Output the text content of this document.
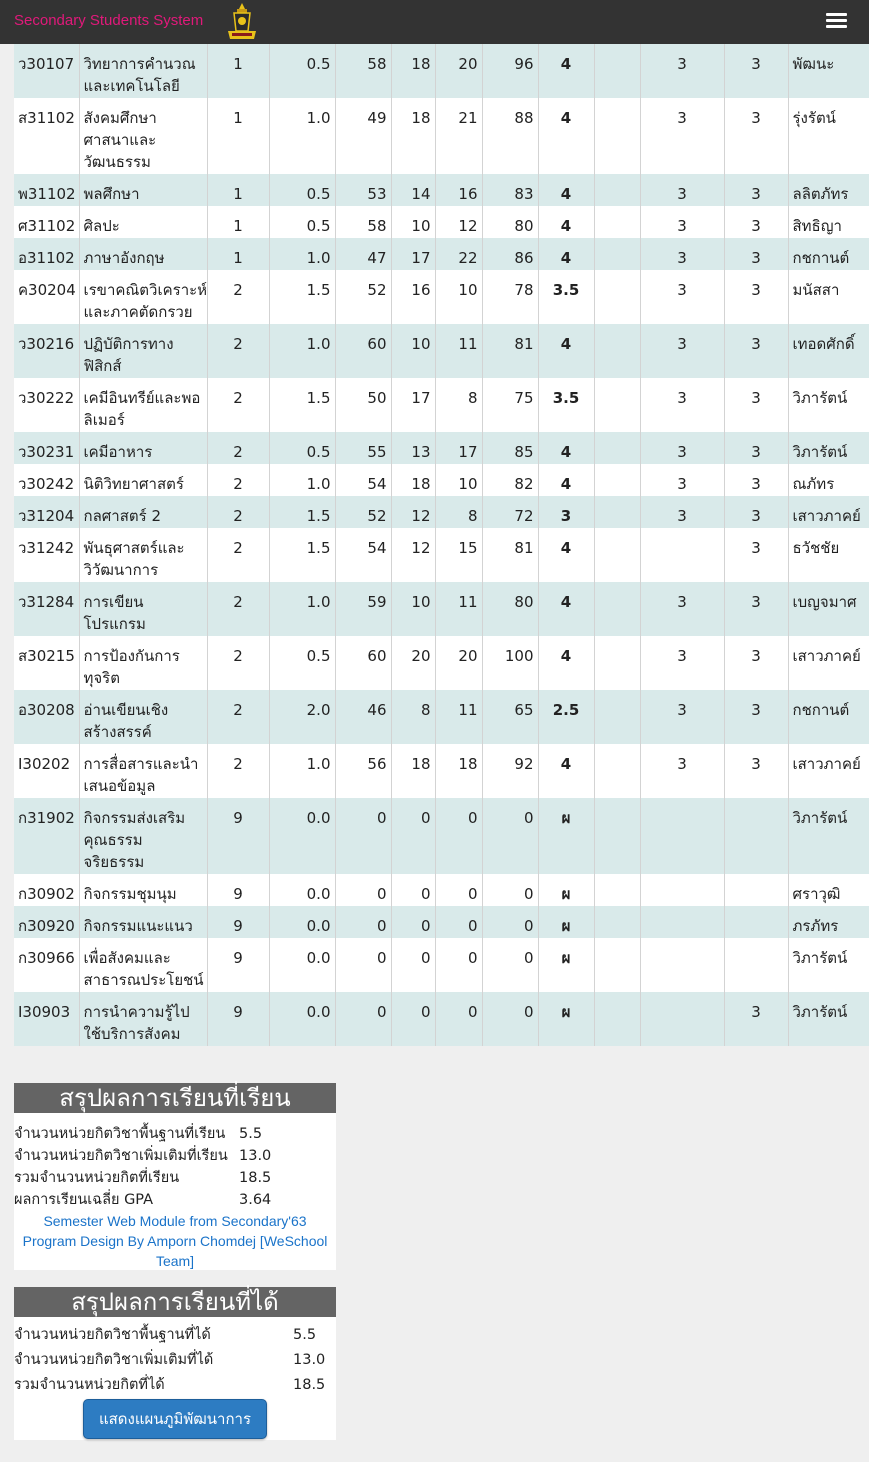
Secondary Students System
ว30107	วิทยาการคำนวณ และเทคโนโลยี	1	0.5	58	18	20	96	4		3	3	พัฒนะ
ส31102	สังคมศึกษา ศาสนาและ วัฒนธรรม	1	1.0	49	18	21	88	4		3	3	รุ่งรัตน์
พ31102	พลศึกษา	1	0.5	53	14	16	83	4		3	3	ลลิตภัทร
ศ31102	ศิลปะ	1	0.5	58	10	12	80	4		3	3	สิทธิญา
อ31102	ภาษาอังกฤษ	1	1.0	47	17	22	86	4		3	3	กชกานต์
ค30204	เรขาคณิตวิเคราะห์ และภาคตัดกรวย	2	1.5	52	16	10	78	3.5		3	3	มนัสสา
ว30216	ปฏิบัติการทาง ฟิสิกส์	2	1.0	60	10	11	81	4		3	3	เทอดศักดิ์
ว30222	เคมีอินทรีย์และพอ ลิเมอร์	2	1.5	50	17	8	75	3.5		3	3	วิภารัตน์
ว30231	เคมีอาหาร	2	0.5	55	13	17	85	4		3	3	วิภารัตน์
ว30242	นิติวิทยาศาสตร์	2	1.0	54	18	10	82	4		3	3	ณภัทร
ว31204	กลศาสตร์ 2	2	1.5	52	12	8	72	3		3	3	เสาวภาคย์
ว31242	พันธุศาสตร์และ วิวัฒนาการ	2	1.5	54	12	15	81	4			3	ธวัชชัย
ว31284	การเขียน โปรแกรม	2	1.0	59	10	11	80	4		3	3	เบญจมาศ
ส30215	การป้องกันการ ทุจริต	2	0.5	60	20	20	100	4		3	3	เสาวภาคย์
อ30208	อ่านเขียนเชิง สร้างสรรค์	2	2.0	46	8	11	65	2.5		3	3	กชกานต์
I30202	การสื่อสารและนำ เสนอข้อมูล	2	1.0	56	18	18	92	4		3	3	เสาวภาคย์
ก31902	กิจกรรมส่งเสริม คุณธรรม จริยธรรม	9	0.0	0	0	0	0	ผ				วิภารัตน์
ก30902	กิจกรรมชุมนุม	9	0.0	0	0	0	0	ผ				ศราวุฒิ
ก30920	กิจกรรมแนะแนว	9	0.0	0	0	0	0	ผ				ภรภัทร
ก30966	เพื่อสังคมและ สาธารณประโยชน์	9	0.0	0	0	0	0	ผ				วิภารัตน์
I30903	การนำความรู้ไป ใช้บริการสังคม	9	0.0	0	0	0	0	ผ			3	วิภารัตน์
สรุปผลการเรียนที่เรียน
จำนวนหน่วยกิตวิชาพื้นฐานที่เรียน 5.5
จำนวนหน่วยกิตวิชาเพิ่มเติมที่เรียน 13.0
รวมจำนวนหน่วยกิตที่เรียน	18.5
ผลการเรียนเฉลี่ย GPA	3.64
Semester Web Module from Secondary'63
Program Design By Amporn Chomdej [WeSchool Team]
สรุปผลการเรียนที่ได้
จำนวนหน่วยกิตวิชาพื้นฐานที่ได้	5.5
จำนวนหน่วยกิตวิชาเพิ่มเติมที่ได้	13.0
รวมจำนวนหน่วยกิตที่ได้	18.5
แสดงแผนภูมิพัฒนาการ
